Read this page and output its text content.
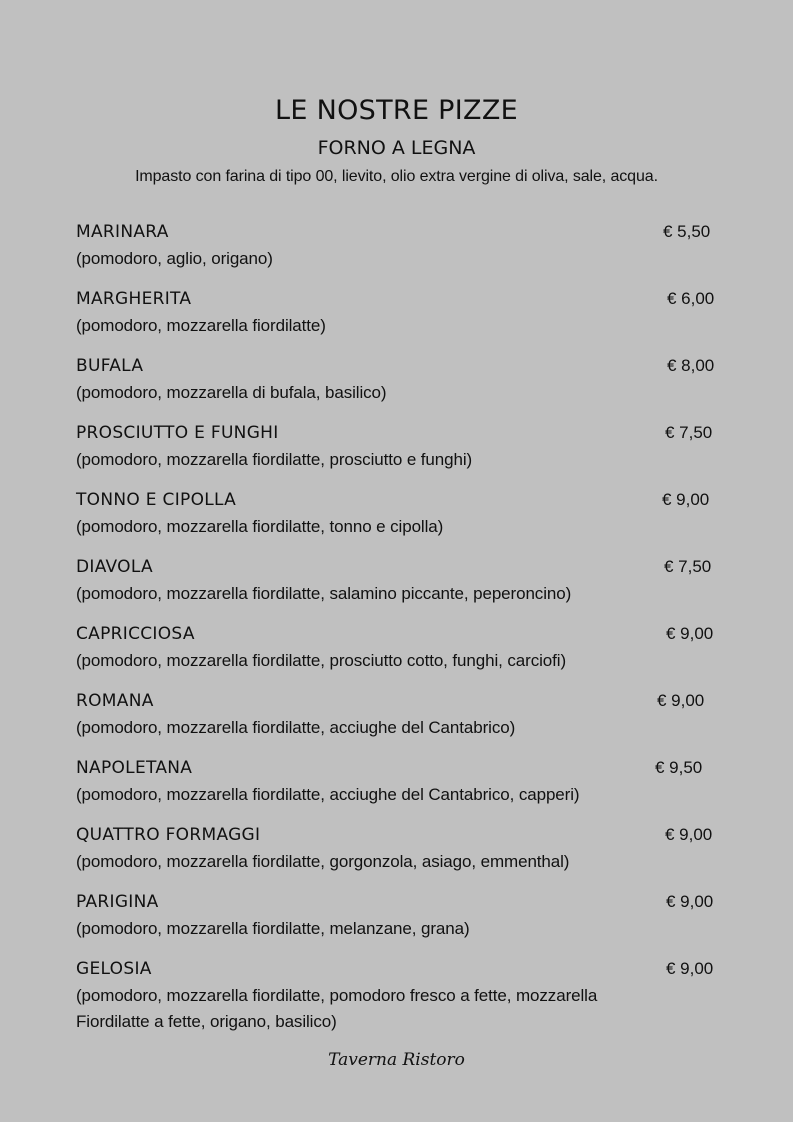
LE NOSTRE PIZZE
FORNO A LEGNA
Impasto con farina di tipo 00, lievito, olio extra vergine di oliva, sale, acqua.
MARINARA	€ 5,50
(pomodoro, aglio, origano)
MARGHERITA	€ 6,00
(pomodoro, mozzarella fiordilatte)
BUFALA	€ 8,00
(pomodoro, mozzarella di bufala, basilico)
PROSCIUTTO E FUNGHI	€ 7,50
(pomodoro, mozzarella fiordilatte, prosciutto e funghi)
TONNO E CIPOLLA	€ 9,00
(pomodoro, mozzarella fiordilatte, tonno e cipolla)
DIAVOLA	€ 7,50
(pomodoro, mozzarella fiordilatte, salamino piccante, peperoncino)
CAPRICCIOSA	€ 9,00
(pomodoro, mozzarella fiordilatte, prosciutto cotto, funghi, carciofi)
ROMANA	€ 9,00
(pomodoro, mozzarella fiordilatte, acciughe del Cantabrico)
NAPOLETANA	€ 9,50
(pomodoro, mozzarella fiordilatte, acciughe del Cantabrico, capperi)
QUATTRO FORMAGGI	€ 9,00
(pomodoro, mozzarella fiordilatte, gorgonzola, asiago, emmenthal)
PARIGINA	€ 9,00
(pomodoro, mozzarella fiordilatte, melanzane, grana)
GELOSIA	€ 9,00
(pomodoro, mozzarella fiordilatte, pomodoro fresco a fette, mozzarella Fiordilatte a fette, origano, basilico)
Taverna Ristoro
